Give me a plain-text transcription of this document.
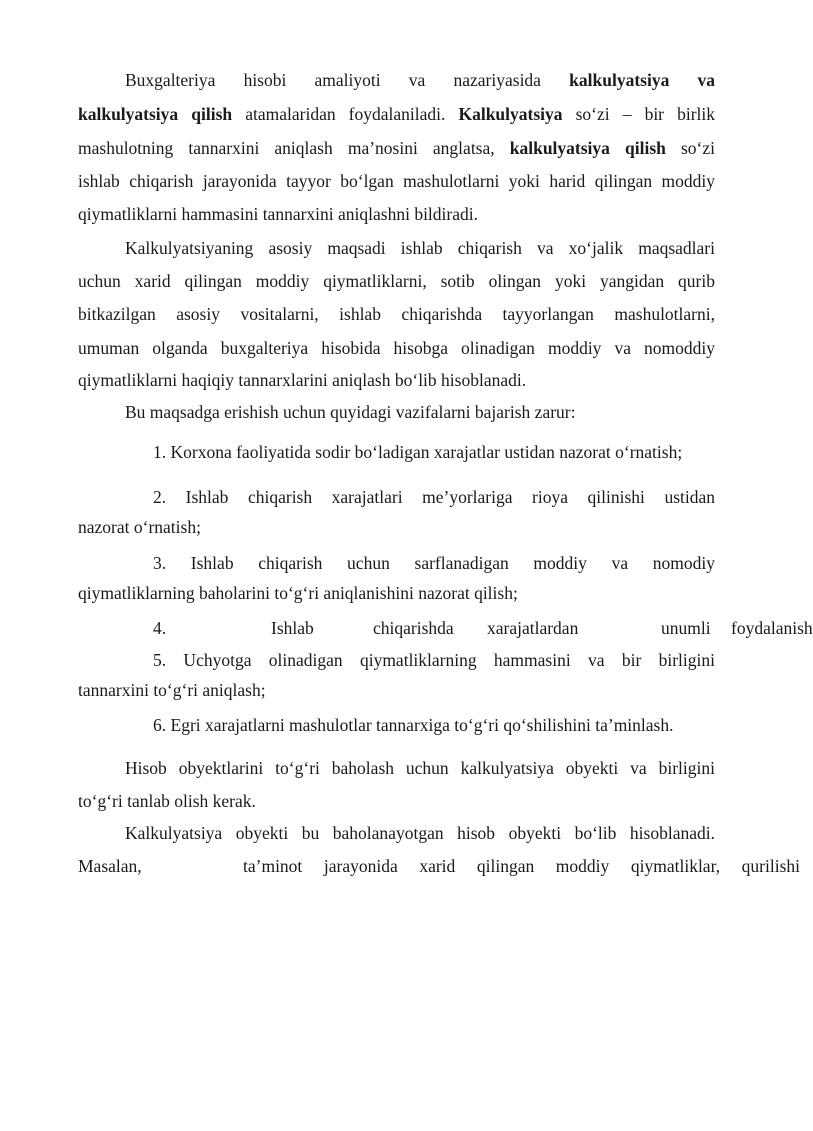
Buxgalteriya hisobi amaliyoti va nazariyasida kalkulyatsiya va
kalkulyatsiya qilish atamalaridan foydalaniladi. Kalkulyatsiya so‘zi – bir birlik
mashulotning tannarxini aniqlash ma’nosini anglatsa, kalkulyatsiya qilish so‘zi
ishlab chiqarish jarayonida tayyor bo‘lgan mashulotlarni yoki harid qilingan moddiy
qiymatliklarni hammasini tannarxini aniqlashni bildiradi.
Kalkulyatsiyaning asosiy maqsadi ishlab chiqarish va xo‘jalik maqsadlari
uchun xarid qilingan moddiy qiymatliklarni, sotib olingan yoki yangidan qurib
bitkazilgan asosiy vositalarni, ishlab chiqarishda tayyorlangan mashulotlarni,
umuman olganda buxgalteriya hisobida hisobga olinadigan moddiy va nomoddiy
qiymatliklarni haqiqiy tannarxlarini aniqlash bo‘lib hisoblanadi.
Bu maqsadga erishish uchun quyidagi vazifalarni bajarish zarur:
1. Korxona faoliyatida sodir bo‘ladigan xarajatlar ustidan nazorat o‘rnatish;
2. Ishlab chiqarish xarajatlari me’yorlariga rioya qilinishi ustidan
nazorat o‘rnatish;
3. Ishlab chiqarish uchun sarflanadigan moddiy va nomodiy
qiymatliklarning baholarini to‘g‘ri aniqlanishini nazorat qilish;
4.	Ishlab	chiqarishda xarajatlardan	unumli foydalanish
5. Uchyotga olinadigan qiymatliklarning hammasini va bir birligini
tannarxini to‘g‘ri aniqlash;
6. Egri xarajatlarni mashulotlar tannarxiga to‘g‘ri qo‘shilishini ta’minlash.
Hisob obyektlarini to‘g‘ri baholash uchun kalkulyatsiya obyekti va birligini
to‘g‘ri tanlab olish kerak.
Kalkulyatsiya obyekti bu baholanayotgan hisob obyekti bo‘lib hisoblanadi.
Masalan,	ta’minot jarayonida xarid qilingan moddiy qiymatliklar, qurilishi
